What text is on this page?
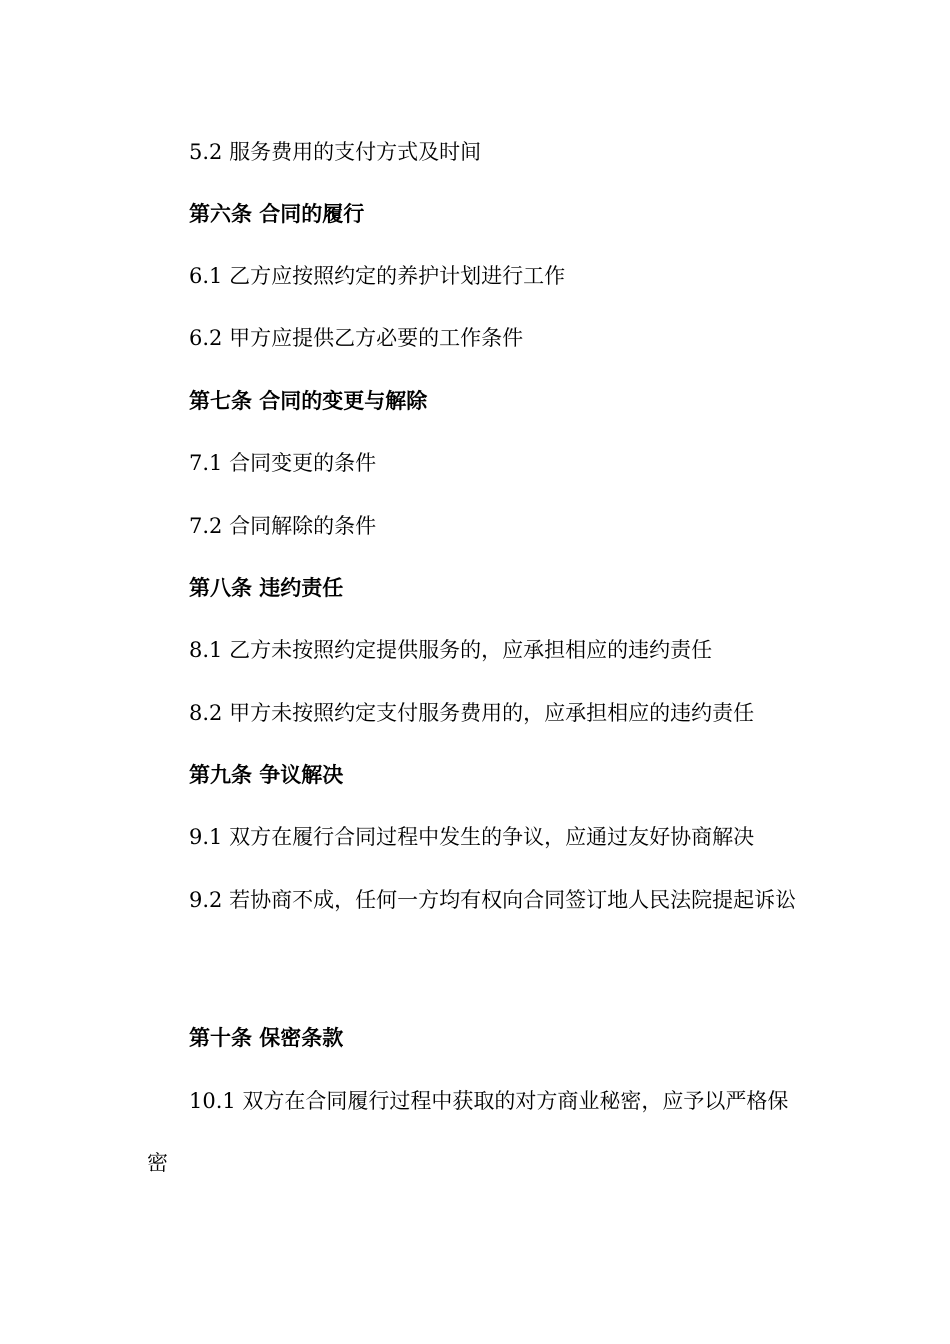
5.2 服务费用的支付方式及时间

第六条 合同的履行

6.1 乙方应按照约定的养护计划进行工作

6.2 甲方应提供乙方必要的工作条件

第七条 合同的变更与解除

7.1 合同变更的条件

7.2 合同解除的条件

第八条 违约责任

8.1 乙方未按照约定提供服务的，应承担相应的违约责任

8.2 甲方未按照约定支付服务费用的，应承担相应的违约责任

第九条 争议解决

9.1 双方在履行合同过程中发生的争议，应通过友好协商解决

9.2 若协商不成，任何一方均有权向合同签订地人民法院提起诉讼

第十条 保密条款

10.1 双方在合同履行过程中获取的对方商业秘密，应予以严格保密
